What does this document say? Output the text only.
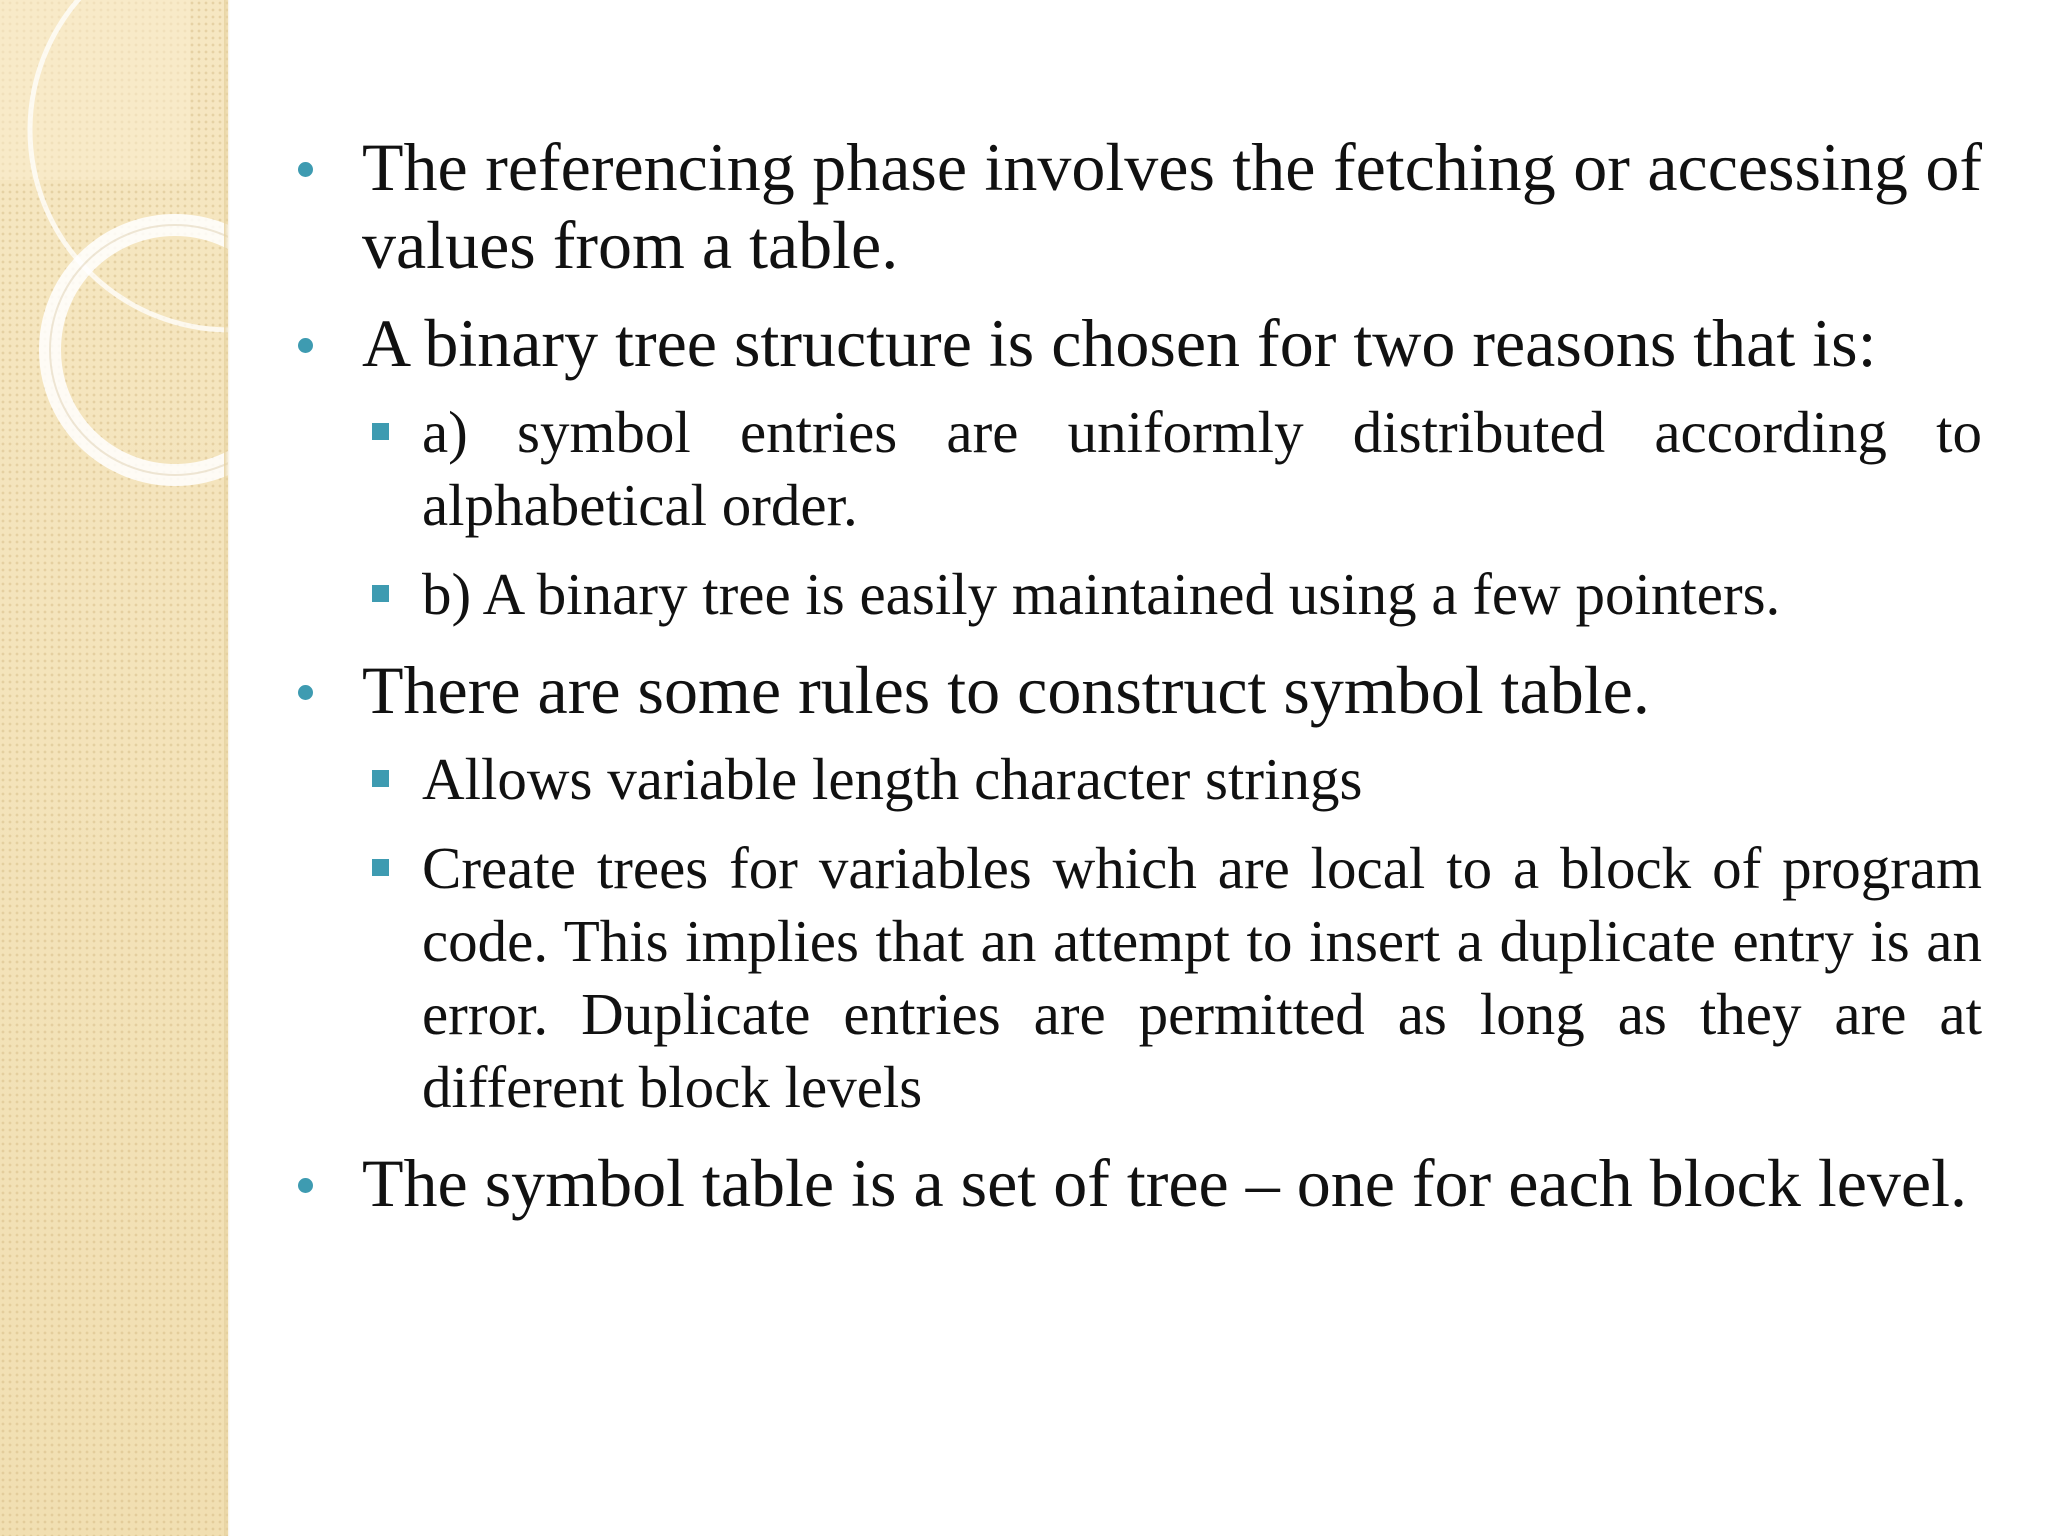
The referencing phase involves the fetching or accessing of values from a table.
A binary tree structure is chosen for two reasons that is:
a) symbol entries are uniformly distributed according to alphabetical order.
b) A binary tree is easily maintained using a few pointers.
There are some rules to construct symbol table.
Allows variable length character strings
Create trees for variables which are local to a block of program code. This implies that an attempt to insert a duplicate entry is an error. Duplicate entries are permitted as long as they are at different block levels
The symbol table is a set of tree – one for each block level.
